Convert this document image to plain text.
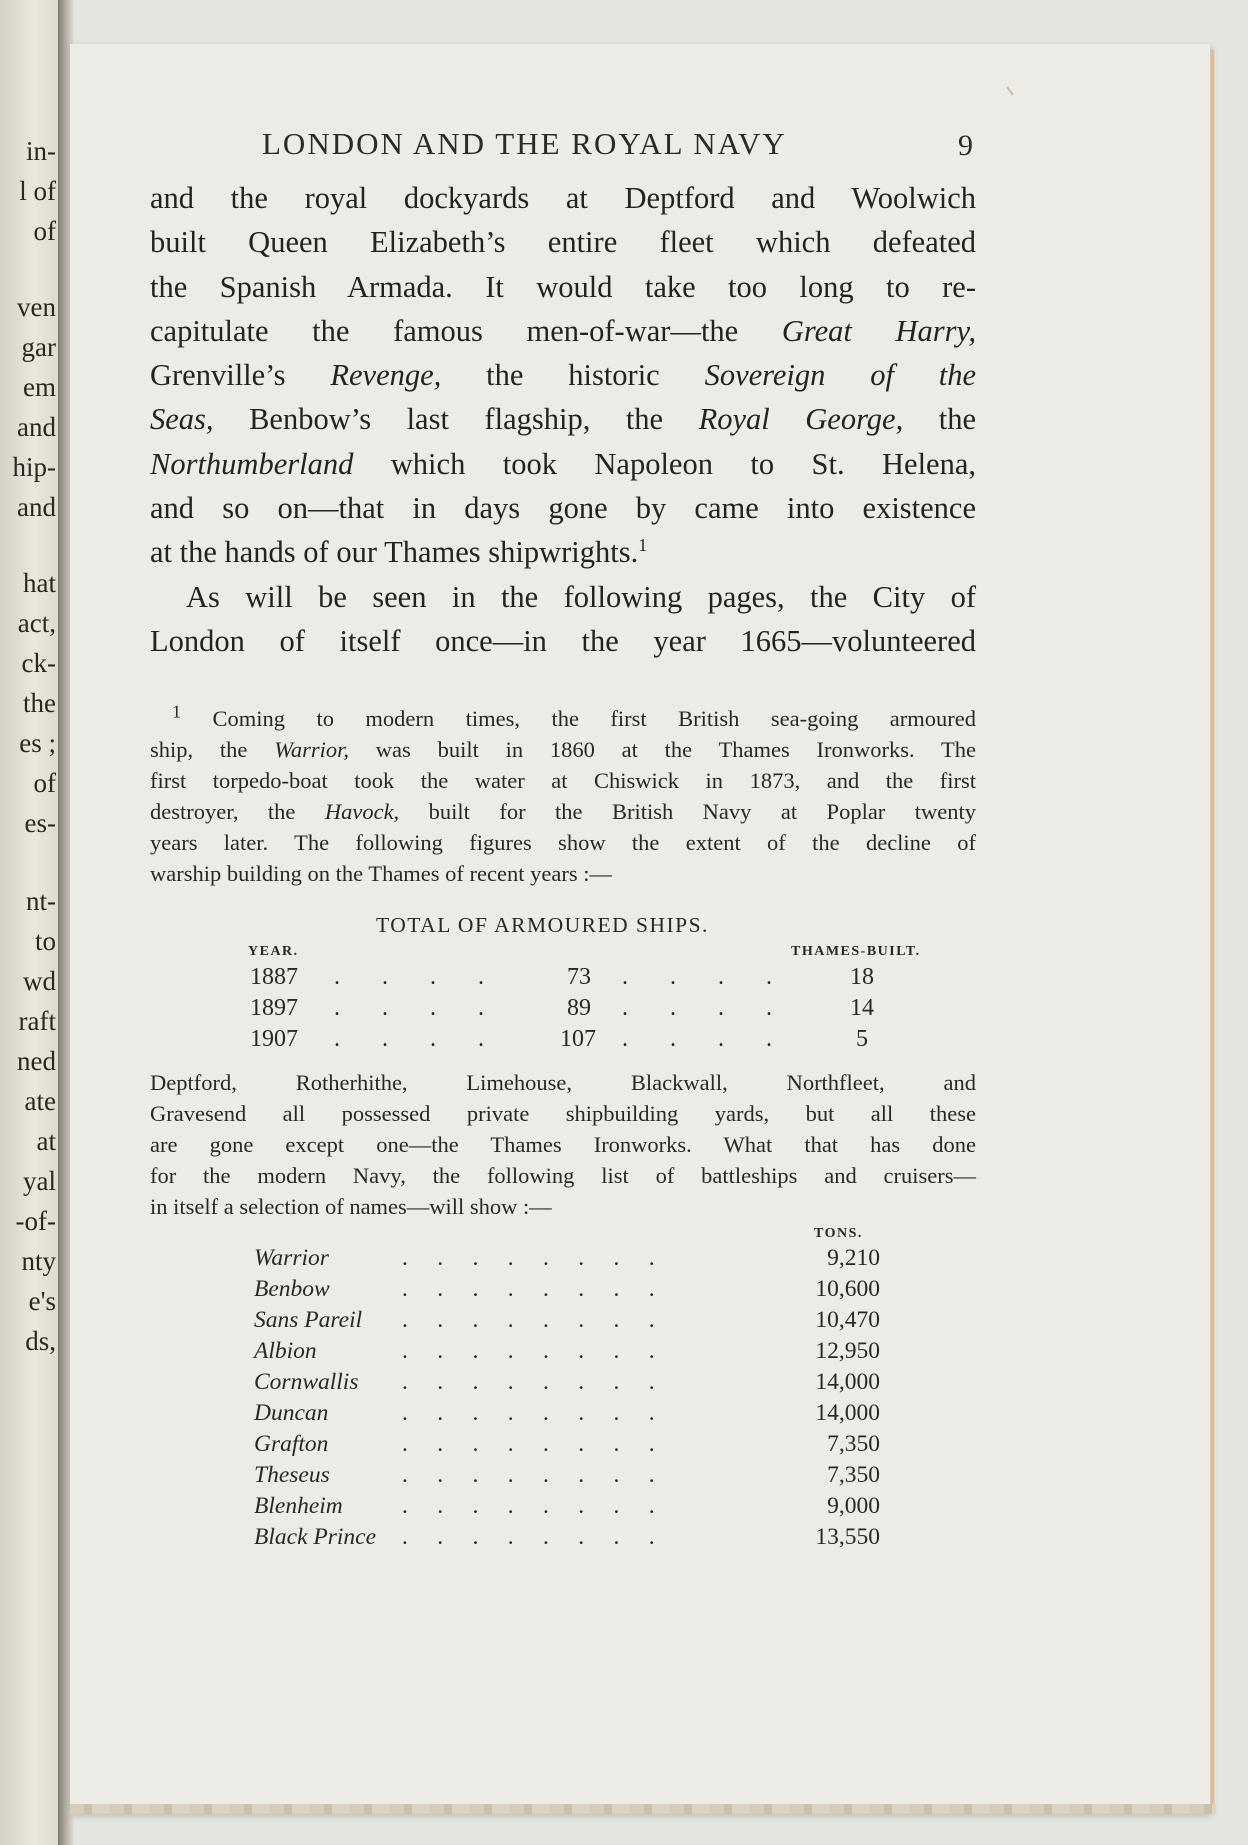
in-
l of
of
ven
gar
em
and
hip-
and
hat
act,
ck-
the
es ;
of
es-
nt-
to
wd
raft
ned
ate
at
yal
-of-
nty
e's
ds,
LONDON AND THE ROYAL NAVY	9
and the royal dockyards at Deptford and Woolwich
built Queen Elizabeth’s entire fleet which defeated
the Spanish Armada. It would take too long to re-
capitulate the famous men-of-war—the Great Harry,
Grenville’s Revenge, the historic Sovereign of the
Seas, Benbow’s last flagship, the Royal George, the
Northumberland which took Napoleon to St. Helena,
and so on—that in days gone by came into existence
at the hands of our Thames shipwrights.$^1$
As will be seen in the following pages, the City of
London of itself once—in the year 1665—volunteered
$^1$ Coming to modern times, the first British sea-going armoured
ship, the Warrior, was built in 1860 at the Thames Ironworks. The
first torpedo-boat took the water at Chiswick in 1873, and the first
destroyer, the Havock, built for the British Navy at Poplar twenty
years later. The following figures show the extent of the decline of
warship building on the Thames of recent years :—
TOTAL OF ARMOURED SHIPS.
YEAR.	THAMES-BUILT.
1887 . . . .	73 . . . .	18
1897 . . . .	89 . . . .	14
1907 . . . . 107 . . . .	5
Deptford, Rotherhithe, Limehouse, Blackwall, Northfleet, and
Gravesend all possessed private shipbuilding yards, but all these
are gone except one—the Thames Ironworks. What that has done
for the modern Navy, the following list of battleships and cruisers—
in itself a selection of names—will show :—
TONS.
Warrior	.     .     .     .     .     .     .     .	9,210
Benbow	.     .     .     .     .     .     .     .	10,600
Sans Pareil .     .     .     .     .     .     .     .	10,470
Albion	.     .     .     .     .     .     .     .	12,950
Cornwallis .     .     .     .     .     .     .     .	14,000
Duncan	.     .     .     .     .     .     .     .	14,000
Grafton	.     .     .     .     .     .     .     .	7,350
Theseus	.     .     .     .     .     .     .     .	7,350
Blenheim	.     .     .     .     .     .     .     .	9,000
Black Prince .     .     .     .     .     .     .     .	13,550
